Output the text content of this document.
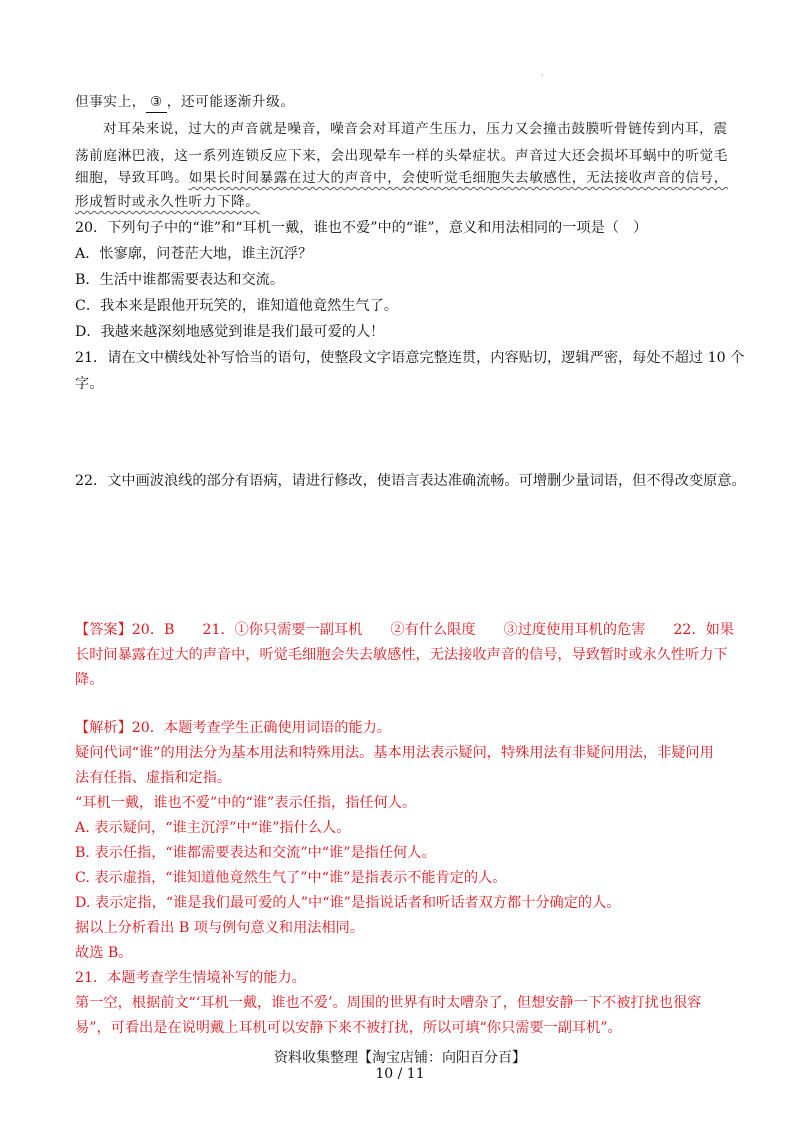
·
但事实上， ③ ，还可能逐渐升级。
对耳朵来说，过大的声音就是噪音，噪音会对耳道产生压力，压力又会撞击鼓膜听骨链传到内耳，震
荡前庭淋巴液，这一系列连锁反应下来，会出现晕车一样的头晕症状。声音过大还会损坏耳蜗中的听觉毛
细胞，导致耳鸣。如果长时间暴露在过大的声音中，会使听觉毛细胞失去敏感性，无法接收声音的信号，
形成暂时或永久性听力下降。
20．下列句子中的“谁”和“耳机一戴，谁也不爱”中的“谁”，意义和用法相同的一项是（　）
A．怅寥廓，问苍茫大地，谁主沉浮？
B．生活中谁都需要表达和交流。
C．我本来是跟他开玩笑的，谁知道他竟然生气了。
D．我越来越深刻地感觉到谁是我们最可爱的人！
21．请在文中横线处补写恰当的语句，使整段文字语意完整连贯，内容贴切，逻辑严密，每处不超过 10 个
字。
22．文中画波浪线的部分有语病，请进行修改，使语言表达准确流畅。可增删少量词语，但不得改变原意。
【答案】20．B 21．①你只需要一副耳机 ②有什么限度 ③过度使用耳机的危害 22．如果
长时间暴露在过大的声音中，听觉毛细胞会失去敏感性，无法接收声音的信号，导致暂时或永久性听力下
降。
【解析】20．本题考查学生正确使用词语的能力。
疑问代词“谁”的用法分为基本用法和特殊用法。基本用法表示疑问，特殊用法有非疑问用法，非疑问用
法有任指、虚指和定指。
“耳机一戴，谁也不爱”中的“谁”表示任指，指任何人。
A. 表示疑问，“谁主沉浮”中“谁”指什么人。
B. 表示任指，“谁都需要表达和交流”中“谁”是指任何人。
C. 表示虚指，“谁知道他竟然生气了”中“谁”是指表示不能肯定的人。
D. 表示定指，“谁是我们最可爱的人”中“谁”是指说话者和听话者双方都十分确定的人。
据以上分析看出 B 项与例句意义和用法相同。
故选 B。
21．本题考查学生情境补写的能力。
第一空，根据前文“‘耳机一戴，谁也不爱’。周围的世界有时太嘈杂了，但想安静一下不被打扰也很容
易”，可看出是在说明戴上耳机可以安静下来不被打扰，所以可填“你只需要一副耳机”。
资料收集整理【淘宝店铺：向阳百分百】
10 / 11
